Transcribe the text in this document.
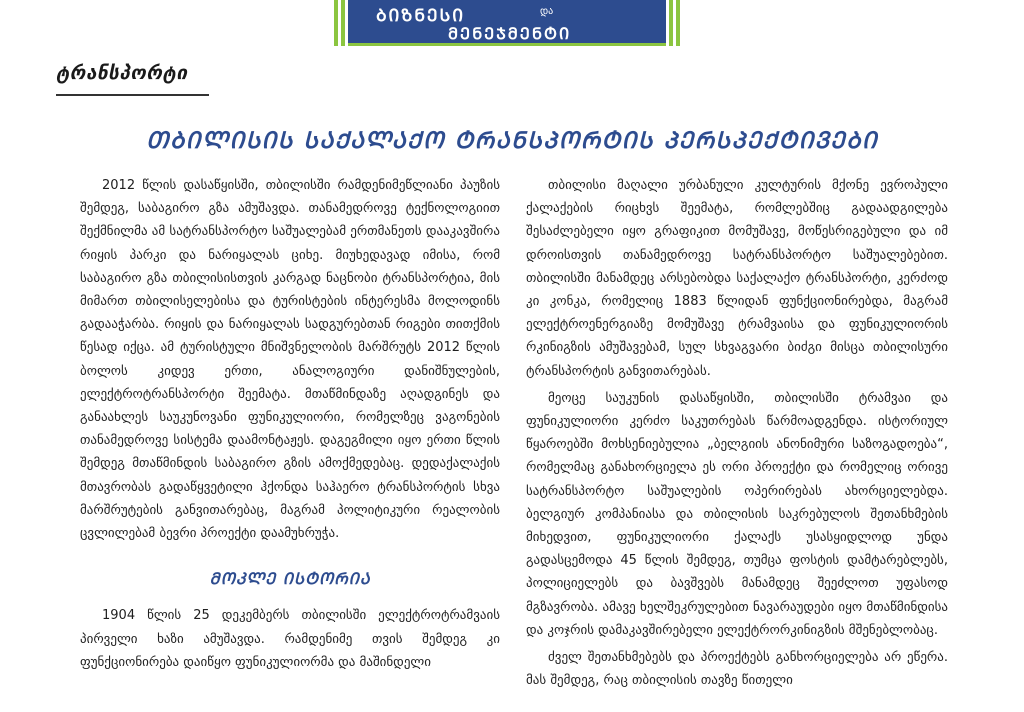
ᲑᲘᲖᲜᲔᲡᲘ	და
ᲛᲔᲜᲔᲯᲛᲔᲜᲢᲘ
ტრანსპორტი
ᲗᲑᲘᲚᲘᲡᲘᲡ ᲡᲐᲥᲐᲚᲐᲥᲝ ᲢᲠᲐᲜᲡᲞᲝᲠᲢᲘᲡ ᲞᲔᲠᲡᲞᲔᲥᲢᲘᲕᲔᲑᲘ

2012 წლის დასაწყისში, თბილისში რამდენიმეწლიანი პაუზის შემდეგ, საბაგირო გზა ამუშავდა. თანამედროვე ტექნოლოგიით შექმნილმა ამ სატრანსპორტო საშუალებამ ერთმანეთს დააკავშირა რიყის პარკი და ნარიყალას ციხე. მიუხედავად იმისა, რომ საბაგირო გზა თბილისისთვის კარგად ნაცნობი ტრანსპორტია, მის მიმართ თბილისელებისა და ტურისტების ინტერესმა მოლოდინს გადააჭარბა. რიყის და ნარიყალას სადგურებთან რიგები თითქმის წესად იქცა. ამ ტურისტული მნიშვნელობის მარშრუტს 2012 წლის ბოლოს კიდევ ერთი, ანალოგიური დანიშნულების, ელექტროტრანსპორტი შეემატა. მთაწმინდაზე აღადგინეს და განაახლეს საუკუნოვანი ფუნიკულიორი, რომელზეც ვაგონების თანამედროვე სისტემა დაამონტაჟეს. დაგეგმილი იყო ერთი წლის შემდეგ მთაწმინდის საბაგირო გზის ამოქმედებაც. დედაქალაქის მთავრობას გადაწყვეტილი ჰქონდა საჰაერო ტრანსპორტის სხვა მარშრუტების განვითარებაც, მაგრამ პოლიტიკური რეალობის ცვლილებამ ბევრი პროექტი დაამუხრუჭა.

ᲛᲝᲙᲚᲔ ᲘᲡᲢᲝᲠᲘᲐ

1904 წლის 25 დეკემბერს თბილისში ელექტროტრამვაის პირველი ხაზი ამუშავდა. რამდენიმე თვის შემდეგ კი ფუნქციონირება დაიწყო ფუნიკულიორმა და მაშინდელი

თბილისი მაღალი ურბანული კულტურის მქონე ევროპული ქალაქების რიცხვს შეემატა, რომლებშიც გადაადგილება შესაძლებელი იყო გრაფიკით მომუშავე, მოწესრიგებული და იმ დროისთვის თანამედროვე სატრანსპორტო საშუალებებით. თბილისში მანამდეც არსებობდა საქალაქო ტრანსპორტი, კერძოდ კი კონკა, რომელიც 1883 წლიდან ფუნქციონირებდა, მაგრამ ელექტროენერგიაზე მომუშავე ტრამვაისა და ფუნიკულიორის რკინიგზის ამუშავებამ, სულ სხვაგვარი ბიძგი მისცა თბილისური ტრანსპორტის განვითარებას.

მეოცე საუკუნის დასაწყისში, თბილისში ტრამვაი და ფუნიკულიორი კერძო საკუთრებას წარმოადგენდა. ისტორიულ წყაროებში მოხსენიებულია „ბელგიის ანონიმური საზოგადოება“, რომელმაც განახორციელა ეს ორი პროექტი და რომელიც ორივე სატრანსპორტო საშუალების ოპერირებას ახორციელებდა. ბელგიურ კომპანიასა და თბილისის საკრებულოს შეთანხმების მიხედვით, ფუნიკულიორი ქალაქს უსასყიდლოდ უნდა გადასცემოდა 45 წლის შემდეგ, თუმცა ფოსტის დამტარებლებს, პოლიციელებს და ბავშვებს მანამდეც შეეძლოთ უფასოდ მგზავრობა. ამავე ხელშეკრულებით ნავარაუდები იყო მთაწმინდისა და კოჯრის დამაკავშირებელი ელექტრორკინიგზის მშენებლობაც.

ძველ შეთანხმებებს და პროექტებს განხორციელება არ ეწერა. მას შემდეგ, რაც თბილისის თავზე წითელი
